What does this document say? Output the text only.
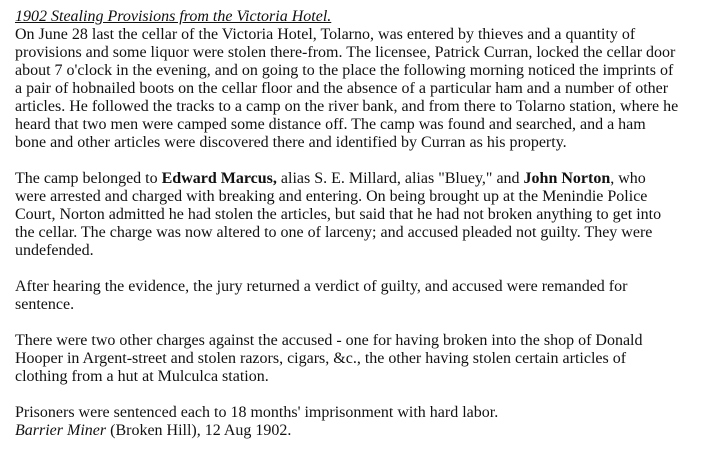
1902 Stealing Provisions from the Victoria Hotel.
On June 28 last the cellar of the Victoria Hotel, Tolarno, was entered by thieves and a quantity of
provisions and some liquor were stolen there-from. The licensee, Patrick Curran, locked the cellar door
about 7 o'clock in the evening, and on going to the place the following morning noticed the imprints of
a pair of hobnailed boots on the cellar floor and the absence of a particular ham and a number of other
articles. He followed the tracks to a camp on the river bank, and from there to Tolarno station, where he
heard that two men were camped some distance off. The camp was found and searched, and a ham
bone and other articles were discovered there and identified by Curran as his property.
The camp belonged to Edward Marcus, alias S. E. Millard, alias "Bluey," and John Norton, who
were arrested and charged with breaking and entering. On being brought up at the Menindie Police
Court, Norton admitted he had stolen the articles, but said that he had not broken anything to get into
the cellar. The charge was now altered to one of larceny; and accused pleaded not guilty. They were
undefended.
After hearing the evidence, the jury returned a verdict of guilty, and accused were remanded for
sentence.
There were two other charges against the accused - one for having broken into the shop of Donald
Hooper in Argent-street and stolen razors, cigars, &c., the other having stolen certain articles of
clothing from a hut at Mulculca station.
Prisoners were sentenced each to 18 months' imprisonment with hard labor.
Barrier Miner (Broken Hill), 12 Aug 1902.
